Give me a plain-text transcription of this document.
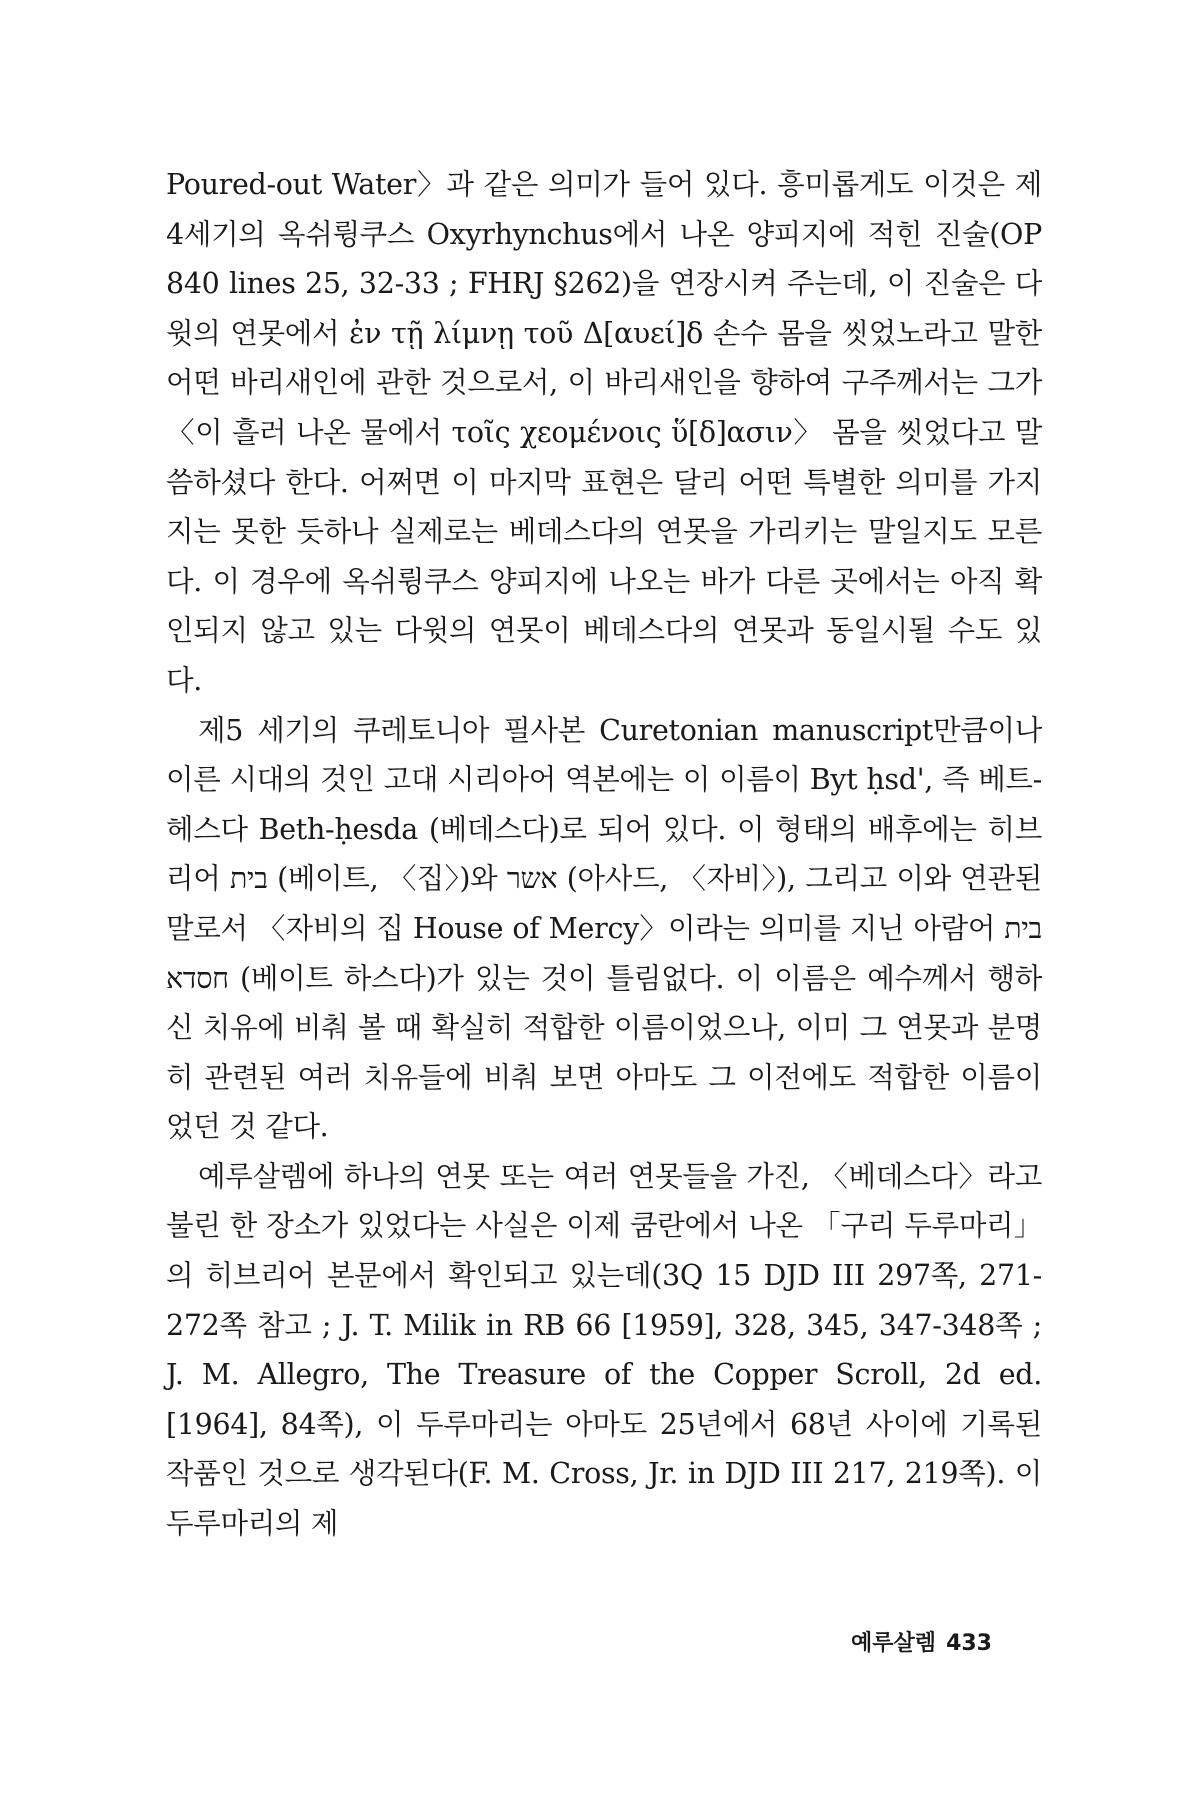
Poured-out Water〉과 같은 의미가 들어 있다. 흥미롭게도 이것은 제 4세기의 옥쉬륑쿠스 Oxyrhynchus에서 나온 양피지에 적힌 진술(OP 840 lines 25, 32-33 ; FHRJ §262)을 연장시켜 주는데, 이 진술은 다윗의 연못에서 ἐν τῇ λίμνῃ τοῦ Δ[αυεί]δ 손수 몸을 씻었노라고 말한 어떤 바리새인에 관한 것으로서, 이 바리새인을 향하여 구주께서는 그가 〈이 흘러 나온 물에서 τοῖς χεομένοις ὕ[δ]ασιν〉 몸을 씻었다고 말씀하셨다 한다. 어쩌면 이 마지막 표현은 달리 어떤 특별한 의미를 가지지는 못한 듯하나 실제로는 베데스다의 연못을 가리키는 말일지도 모른다. 이 경우에 옥쉬륑쿠스 양피지에 나오는 바가 다른 곳에서는 아직 확인되지 않고 있는 다윗의 연못이 베데스다의 연못과 동일시될 수도 있다.

제5 세기의 쿠레토니아 필사본 Curetonian manuscript만큼이나 이른 시대의 것인 고대 시리아어 역본에는 이 이름이 Byt ḥsd', 즉 베트-헤스다 Beth-ḥesda (베데스다)로 되어 있다. 이 형태의 배후에는 히브리어 בית (베이트, 〈집〉)와 אשר (아사드, 〈자비〉), 그리고 이와 연관된 말로서 〈자비의 집 House of Mercy〉이라는 의미를 지닌 아람어 בית חסדא (베이트 하스다)가 있는 것이 틀림없다. 이 이름은 예수께서 행하신 치유에 비춰 볼 때 확실히 적합한 이름이었으나, 이미 그 연못과 분명히 관련된 여러 치유들에 비춰 보면 아마도 그 이전에도 적합한 이름이었던 것 같다.

예루살렘에 하나의 연못 또는 여러 연못들을 가진, 〈베데스다〉라고 불린 한 장소가 있었다는 사실은 이제 쿰란에서 나온 「구리 두루마리」의 히브리어 본문에서 확인되고 있는데(3Q 15 DJD III 297쪽, 271-272쪽 참고 ; J. T. Milik in RB 66 [1959], 328, 345, 347-348쪽 ; J. M. Allegro, The Treasure of the Copper Scroll, 2d ed. [1964], 84쪽), 이 두루마리는 아마도 25년에서 68년 사이에 기록된 작품인 것으로 생각된다(F. M. Cross, Jr. in DJD III 217, 219쪽). 이 두루마리의 제

예루살렘 433
